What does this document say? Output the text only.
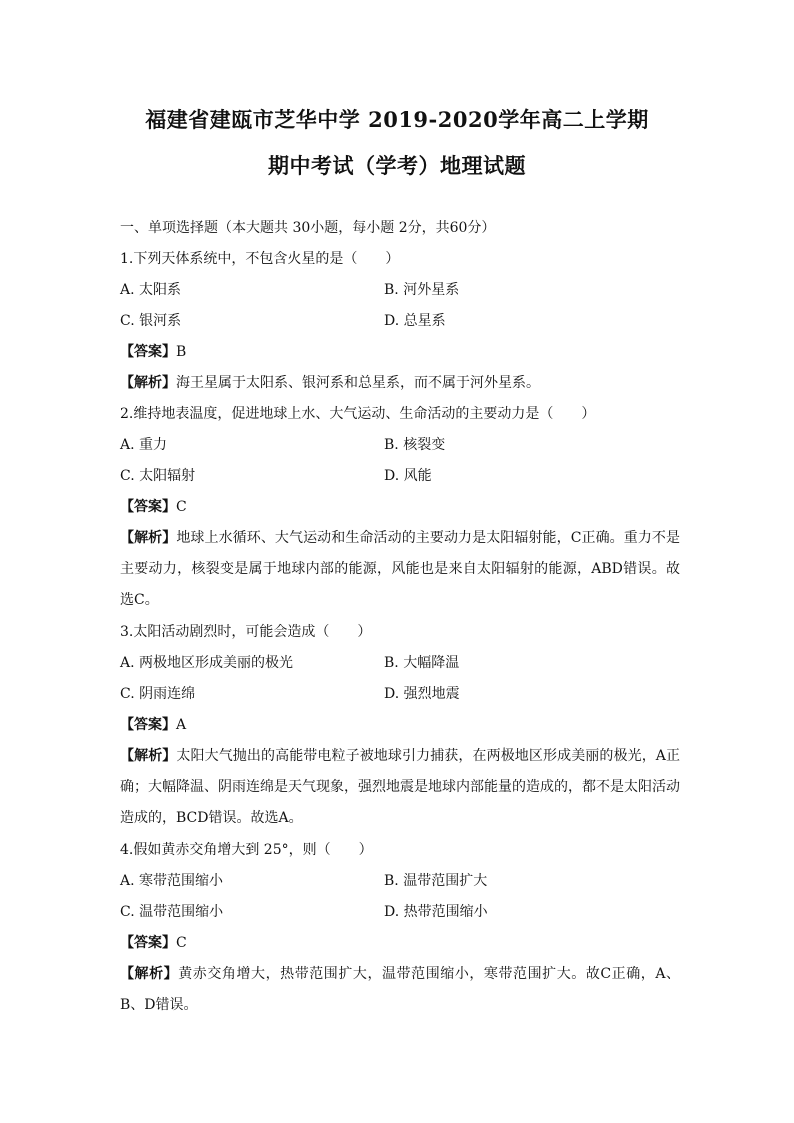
福建省建瓯市芝华中学 2019-2020学年高二上学期
期中考试（学考）地理试题
一、单项选择题（本大题共 30小题，每小题 2分，共60分）
1.下列天体系统中，不包含火星的是（　　）
A. 太阳系	B. 河外星系
C. 银河系	D. 总星系
【答案】B
【解析】海王星属于太阳系、银河系和总星系，而不属于河外星系。
2.维持地表温度，促进地球上水、大气运动、生命活动的主要动力是（　　）
A. 重力	B. 核裂变
C. 太阳辐射	D. 风能
【答案】C
【解析】地球上水循环、大气运动和生命活动的主要动力是太阳辐射能，C正确。重力不是主要动力，核裂变是属于地球内部的能源，风能也是来自太阳辐射的能源，ABD错误。故选C。
3.太阳活动剧烈时，可能会造成（　　）
A. 两极地区形成美丽的极光	B. 大幅降温
C. 阴雨连绵	D. 强烈地震
【答案】A
【解析】太阳大气抛出的高能带电粒子被地球引力捕获，在两极地区形成美丽的极光，A正确；大幅降温、阴雨连绵是天气现象，强烈地震是地球内部能量的造成的，都不是太阳活动造成的，BCD错误。故选A。
4.假如黄赤交角增大到 25°，则（　　）
A. 寒带范围缩小	B. 温带范围扩大
C. 温带范围缩小	D. 热带范围缩小
【答案】C
【解析】黄赤交角增大，热带范围扩大，温带范围缩小，寒带范围扩大。故C正确，A、B、D错误。
